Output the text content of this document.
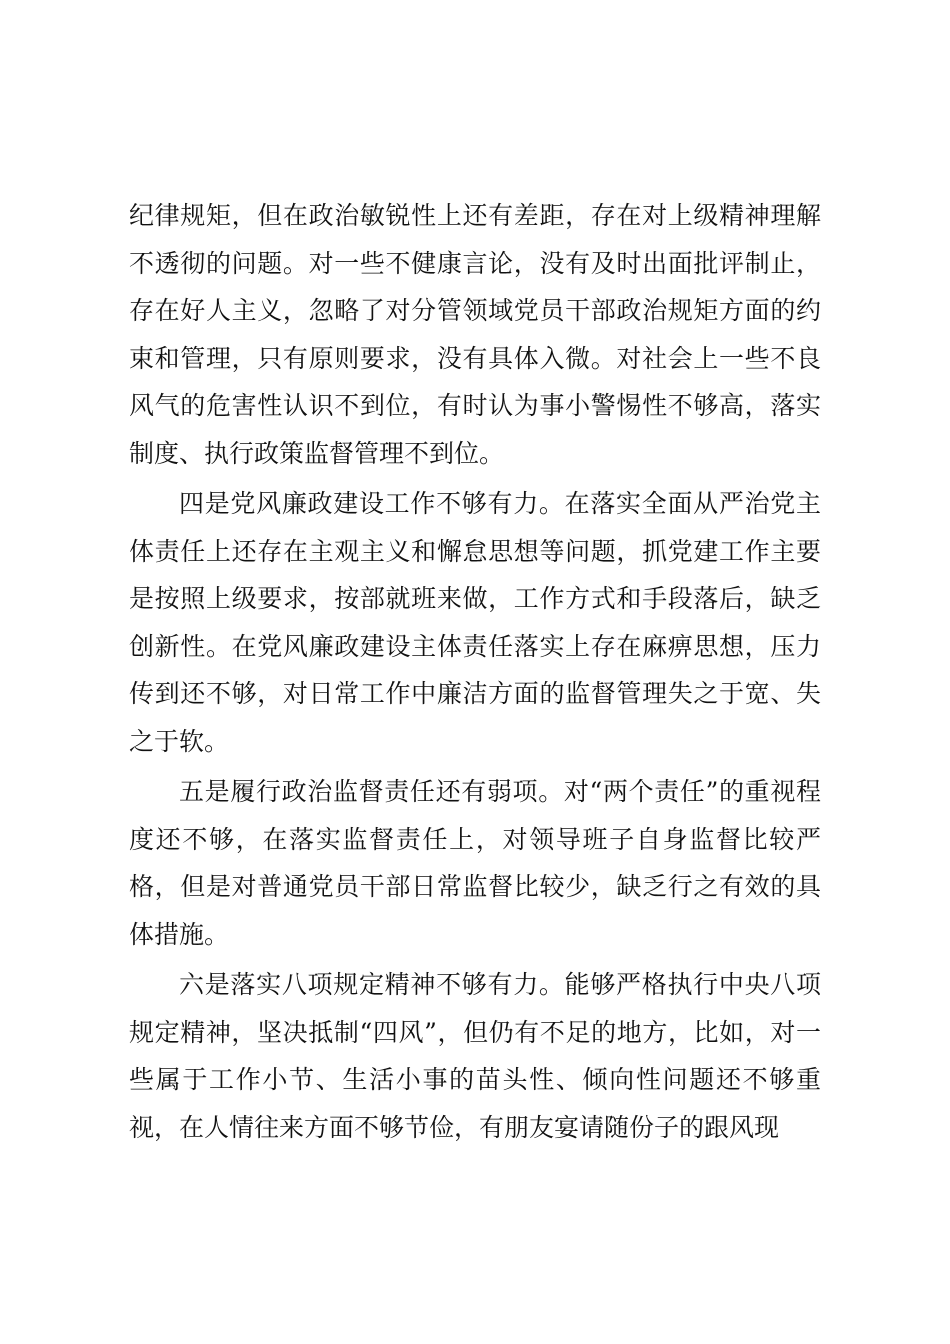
纪律规矩，但在政治敏锐性上还有差距，存在对上级精神理解不透彻的问题。对一些不健康言论，没有及时出面批评制止，存在好人主义，忽略了对分管领域党员干部政治规矩方面的约束和管理，只有原则要求，没有具体入微。对社会上一些不良风气的危害性认识不到位，有时认为事小警惕性不够高，落实制度、执行政策监督管理不到位。

四是党风廉政建设工作不够有力。在落实全面从严治党主体责任上还存在主观主义和懈怠思想等问题，抓党建工作主要是按照上级要求，按部就班来做，工作方式和手段落后，缺乏创新性。在党风廉政建设主体责任落实上存在麻痹思想，压力传到还不够，对日常工作中廉洁方面的监督管理失之于宽、失之于软。

五是履行政治监督责任还有弱项。对“两个责任”的重视程度还不够，在落实监督责任上，对领导班子自身监督比较严格，但是对普通党员干部日常监督比较少，缺乏行之有效的具体措施。

六是落实八项规定精神不够有力。能够严格执行中央八项规定精神，坚决抵制“四风”，但仍有不足的地方，比如，对一些属于工作小节、生活小事的苗头性、倾向性问题还不够重视，在人情往来方面不够节俭，有朋友宴请随份子的跟风现
